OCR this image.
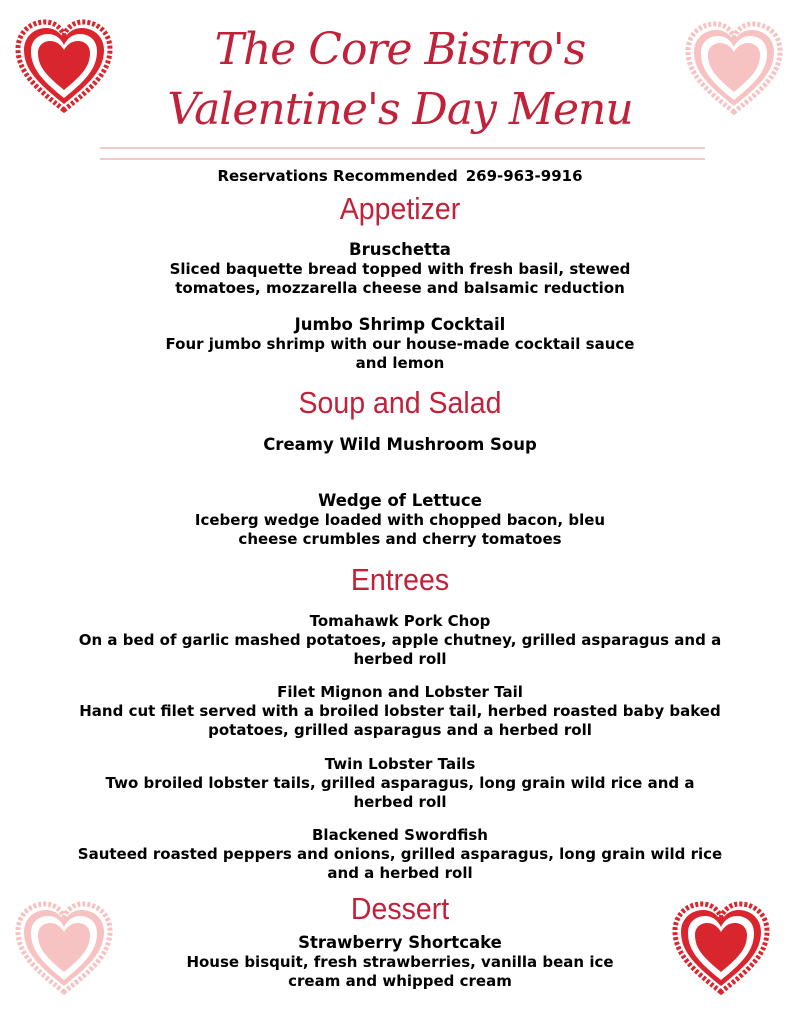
The Core Bistro's
Valentine's Day Menu
Reservations Recommended 269-963-9916
Appetizer
Bruschetta
Sliced baquette bread topped with fresh basil, stewed tomatoes, mozzarella cheese and balsamic reduction
Jumbo Shrimp Cocktail
Four jumbo shrimp with our house-made cocktail sauce and lemon
Soup and Salad
Creamy Wild Mushroom Soup
Wedge of Lettuce
Iceberg wedge loaded with chopped bacon, bleu cheese crumbles and cherry tomatoes
Entrees
Tomahawk Pork Chop
On a bed of garlic mashed potatoes, apple chutney, grilled asparagus and a herbed roll
Filet Mignon and Lobster Tail
Hand cut filet served with a broiled lobster tail, herbed roasted baby baked potatoes, grilled asparagus and a herbed roll
Twin Lobster Tails
Two broiled lobster tails, grilled asparagus, long grain wild rice and a herbed roll
Blackened Swordfish
Sauteed roasted peppers and onions, grilled asparagus, long grain wild rice and a herbed roll
Dessert
Strawberry Shortcake
House bisquit, fresh strawberries, vanilla bean ice cream and whipped cream
